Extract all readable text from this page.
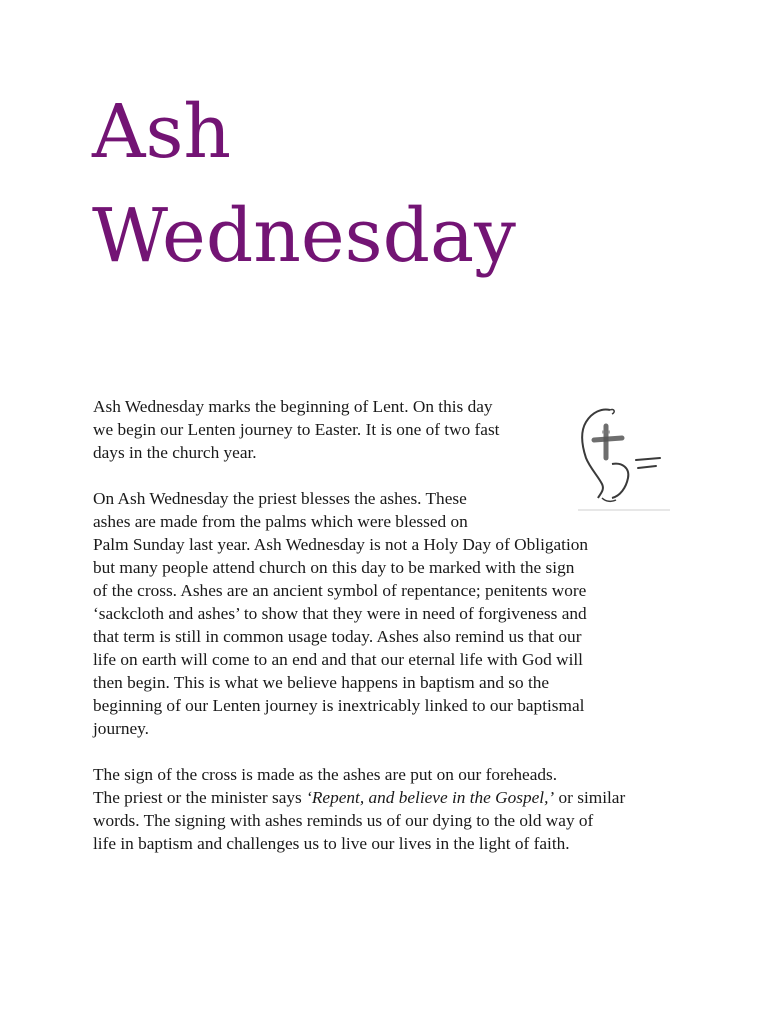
Ash
Wednesday
Ash Wednesday marks the beginning of Lent. On this day
we begin our Lenten journey to Easter. It is one of two fast
days in the church year.
On Ash Wednesday the priest blesses the ashes. These
ashes are made from the palms which were blessed on
Palm Sunday last year. Ash Wednesday is not a Holy Day of Obligation
but many people attend church on this day to be marked with the sign
of the cross. Ashes are an ancient symbol of repentance; penitents wore
‘sackcloth and ashes’ to show that they were in need of forgiveness and
that term is still in common usage today. Ashes also remind us that our
life on earth will come to an end and that our eternal life with God will
then begin. This is what we believe happens in baptism and so the
beginning of our Lenten journey is inextricably linked to our baptismal
journey.
The sign of the cross is made as the ashes are put on our foreheads.
The priest or the minister says ‘Repent, and believe in the Gospel,’ or similar
words. The signing with ashes reminds us of our dying to the old way of
life in baptism and challenges us to live our lives in the light of faith.
